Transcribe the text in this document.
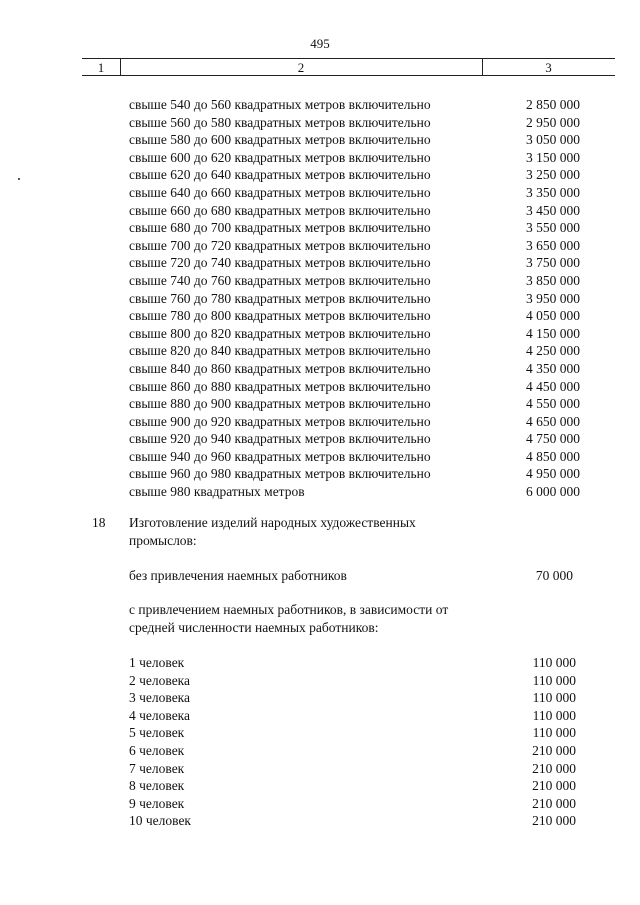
495
1	2	3
свыше 540 до 560 квадратных метров включительно	2 850 000
свыше 560 до 580 квадратных метров включительно	2 950 000
свыше 580 до 600 квадратных метров включительно	3 050 000
свыше 600 до 620 квадратных метров включительно	3 150 000
свыше 620 до 640 квадратных метров включительно	3 250 000
свыше 640 до 660 квадратных метров включительно	3 350 000
свыше 660 до 680 квадратных метров включительно	3 450 000
свыше 680 до 700 квадратных метров включительно	3 550 000
свыше 700 до 720 квадратных метров включительно	3 650 000
свыше 720 до 740 квадратных метров включительно	3 750 000
свыше 740 до 760 квадратных метров включительно	3 850 000
свыше 760 до 780 квадратных метров включительно	3 950 000
свыше 780 до 800 квадратных метров включительно	4 050 000
свыше 800 до 820 квадратных метров включительно	4 150 000
свыше 820 до 840 квадратных метров включительно	4 250 000
свыше 840 до 860 квадратных метров включительно	4 350 000
свыше 860 до 880 квадратных метров включительно	4 450 000
свыше 880 до 900 квадратных метров включительно	4 550 000
свыше 900 до 920 квадратных метров включительно	4 650 000
свыше 920 до 940 квадратных метров включительно	4 750 000
свыше 940 до 960 квадратных метров включительно	4 850 000
свыше 960 до 980 квадратных метров включительно	4 950 000
свыше 980 квадратных метров	6 000 000
18 Изготовление изделий народных художественных промыслов:
без привлечения наемных работников	70 000
с привлечением наемных работников, в зависимости от средней численности наемных работников:
1 человек	110 000
2 человека	110 000
3 человека	110 000
4 человека	110 000
5 человек	110 000
6 человек	210 000
7 человек	210 000
8 человек	210 000
9 человек	210 000
10 человек	210 000
